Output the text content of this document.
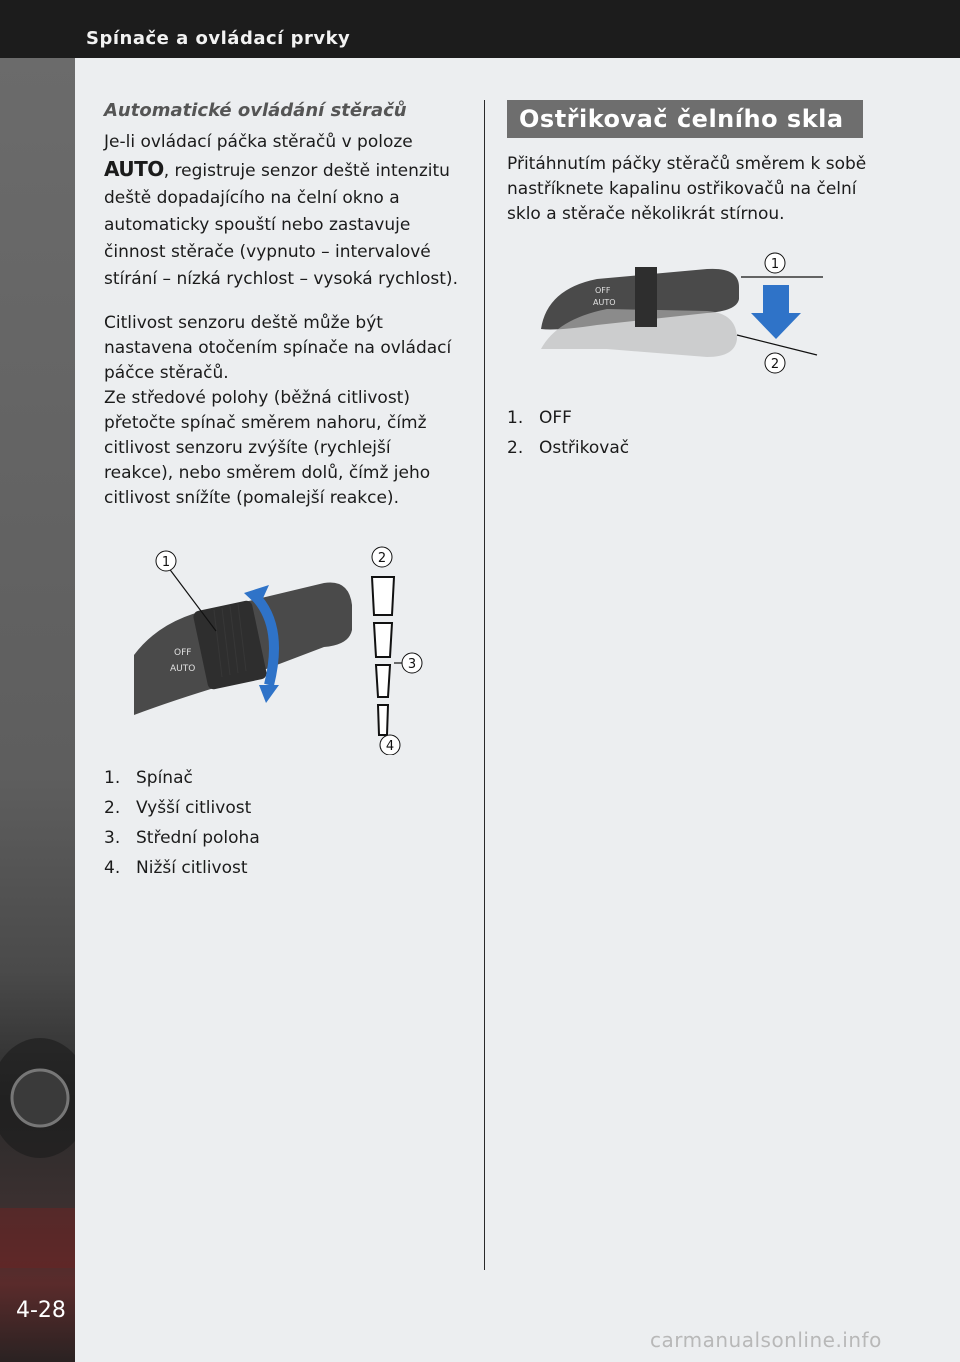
Spínače a ovládací prvky
4-28
Automatické ovládání stěračů

Je-li ovládací páčka stěračů v poloze
AUTO, registruje senzor deště intenzitu deště dopadajícího na čelní okno a automaticky spouští nebo zastavuje činnost stěrače (vypnuto – intervalové stírání – nízká rychlost – vysoká rychlost).

Citlivost senzoru deště může být nastavena otočením spínače na ovládací páčce stěračů.

Ze středové polohy (běžná citlivost) přetočte spínač směrem nahoru, čímž citlivost senzoru zvýšíte (rychlejší reakce), nebo směrem dolů, čímž jeho citlivost snížíte (pomalejší reakce).

OFF
AUTO
1	2
3
4
1. Spínač
2. Vyšší citlivost
3. Střední poloha
4. Nižší citlivost
Ostřikovač čelního skla

Přitáhnutím páčky stěračů směrem k sobě nastříknete kapalinu ostřikovačů na čelní sklo a stěrače několikrát stírnou.

OFF
AUTO
1
2
1. OFF
2. Ostřikovač
carmanualsonline.info
